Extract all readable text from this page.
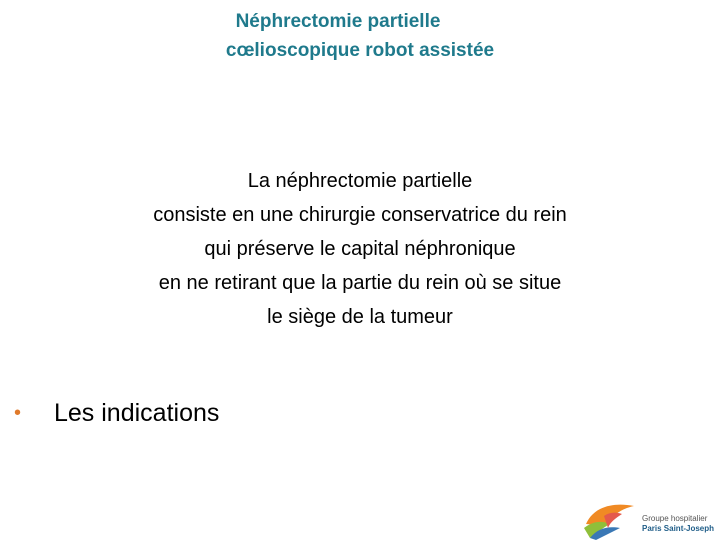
Néphrectomie partielle
cœlioscopique robot assistée
La néphrectomie partielle
consiste en une chirurgie conservatrice du rein
qui préserve le capital néphronique
en ne retirant que la partie du rein où se situe
le siège de la tumeur
•	Les indications
Groupe hospitalier
Paris Saint-Joseph
